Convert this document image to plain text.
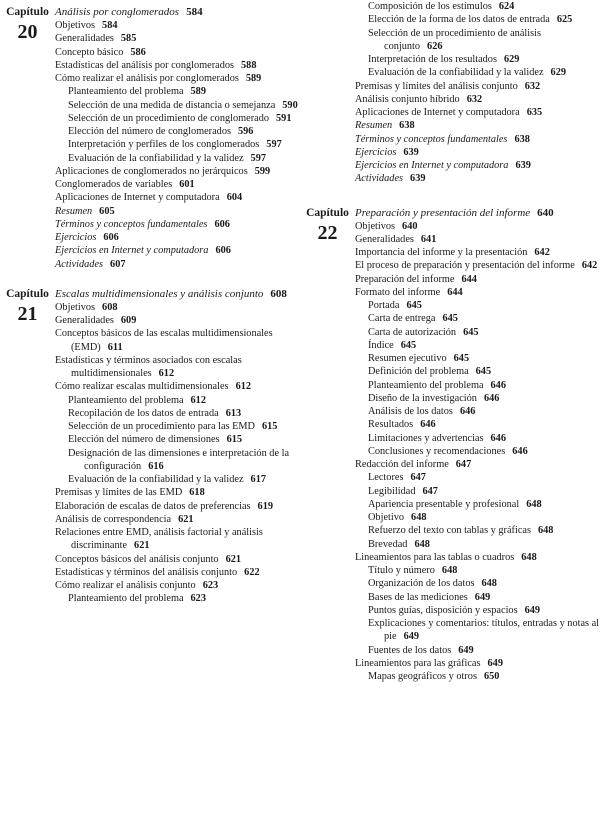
Capítulo
20
Análisis por conglomerados 584
Objetivos 584
Generalidades 585
Concepto básico 586
Estadísticas del análisis por conglomerados 588
Cómo realizar el análisis por conglomerados 589
Planteamiento del problema 589
Selección de una medida de distancia o semejanza 590
Selección de un procedimiento de conglomerado 591
Elección del número de conglomerados 596
Interpretación y perfiles de los conglomerados 597
Evaluación de la confiabilidad y la validez 597
Aplicaciones de conglomerados no jerárquicos 599
Conglomerados de variables 601
Aplicaciones de Internet y computadora 604
Resumen 605
Términos y conceptos fundamentales 606
Ejercicios 606
Ejercicios en Internet y computadora 606
Actividades 607
Capítulo
21
Escalas multidimensionales y análisis conjunto 608
Objetivos 608
Generalidades 609
Conceptos básicos de las escalas multidimensionales (EMD) 611
Estadísticas y términos asociados con escalas multidimensionales 612
Cómo realizar escalas multidimensionales 612
Planteamiento del problema 612
Recopilación de los datos de entrada 613
Selección de un procedimiento para las EMD 615
Elección del número de dimensiones 615
Designación de las dimensiones e interpretación de la configuración 616
Evaluación de la confiabilidad y la validez 617
Premisas y límites de las EMD 618
Elaboración de escalas de datos de preferencias 619
Análisis de correspondencia 621
Relaciones entre EMD, análisis factorial y análisis discriminante 621
Conceptos básicos del análisis conjunto 621
Estadísticas y términos del análisis conjunto 622
Cómo realizar el análisis conjunto 623
Planteamiento del problema 623
Composición de los estímulos 624
Elección de la forma de los datos de entrada 625
Selección de un procedimiento de análisis conjunto 626
Interpretación de los resultados 629
Evaluación de la confiabilidad y la validez 629
Premisas y límites del análisis conjunto 632
Análisis conjunto híbrido 632
Aplicaciones de Internet y computadora 635
Resumen 638
Términos y conceptos fundamentales 638
Ejercicios 639
Ejercicios en Internet y computadora 639
Actividades 639
Capítulo
22
Preparación y presentación del informe 640
Objetivos 640
Generalidades 641
Importancia del informe y la presentación 642
El proceso de preparación y presentación del informe 642
Preparación del informe 644
Formato del informe 644
Portada 645
Carta de entrega 645
Carta de autorización 645
Índice 645
Resumen ejecutivo 645
Definición del problema 645
Planteamiento del problema 646
Diseño de la investigación 646
Análisis de los datos 646
Resultados 646
Limitaciones y advertencias 646
Conclusiones y recomendaciones 646
Redacción del informe 647
Lectores 647
Legibilidad 647
Apariencia presentable y profesional 648
Objetivo 648
Refuerzo del texto con tablas y gráficas 648
Brevedad 648
Lineamientos para las tablas o cuadros 648
Título y número 648
Organización de los datos 648
Bases de las mediciones 649
Puntos guías, disposición y espacios 649
Explicaciones y comentarios: títulos, entradas y notas al pie 649
Fuentes de los datos 649
Lineamientos para las gráficas 649
Mapas geográficos y otros 650
